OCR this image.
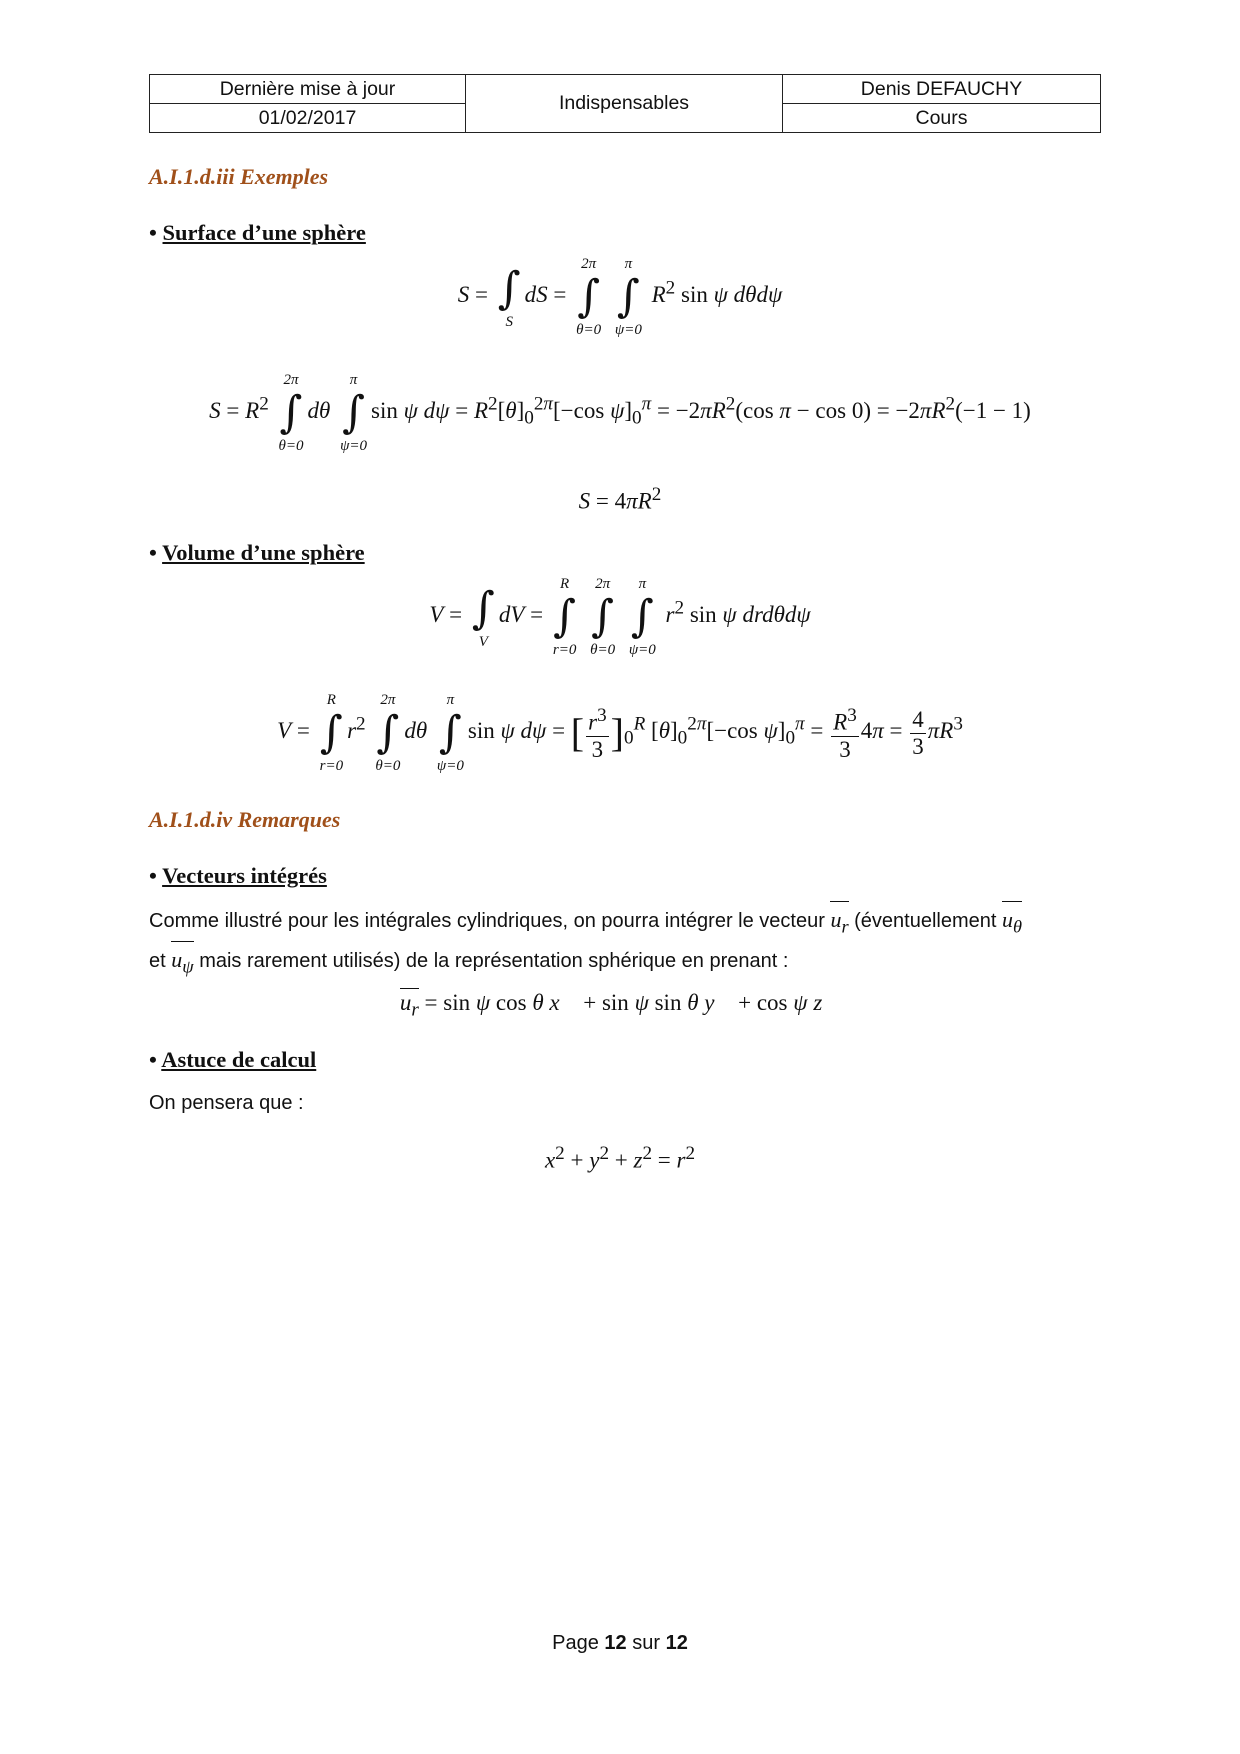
Dernière mise à jour	Indispensables	Denis DEFAUCHY
01/02/2017		Cours
A.I.1.d.iii Exemples
• Surface d’une sphère
S = ∫
S
dS =
2π
∫
θ=0

π
∫
ψ=0
$R^2$ sin ψ dθdψ
$S = R^2$
2π
∫
θ=0
dθ
π
∫
ψ=0
sin ψ $d\psi = R^2[\theta]_0^{2\pi}[-\cos$ $\psi]_0^\pi = -2\pi R^2(\cos$ $\pi - \cos 0) = -2\pi R^2(-1 - 1)$
$S = 4\pi R^2$
• Volume d’une sphère
V = ∫
V
dV =
R
∫
r=0

2π
∫
θ=0

π
∫
ψ=0
$r^2$ sin ψ drdθdψ
V =
R
∫
r=0
$r^2$
2π
∫
θ=0
dθ
π
∫
ψ=0
sin ψ dψ = [ $\frac{r^3}{3} ]_0^R$ $[\theta]_0^{2\pi}[-\cos$ $\psi]_0^\pi = \frac{R^3}{3} 4\pi = \frac{4}{3} \pi R^3$
A.I.1.d.iv Remarques
• Vecteurs intégrés
Comme illustré pour les intégrales cylindriques, on pourra intégrer le vecteur $u_r$ (éventuellement $u_\theta$
et $u_\psi$ mais rarement utilisés) de la représentation sphérique en prenant :
$u_r = \sin \psi$ cos θ x⃗ + sin ψ sin θ y⃗ + cos ψ z⃗
• Astuce de calcul
On pensera que :
$x^2 + y^2 + z^2 = r^2$
Page 12 sur 12
